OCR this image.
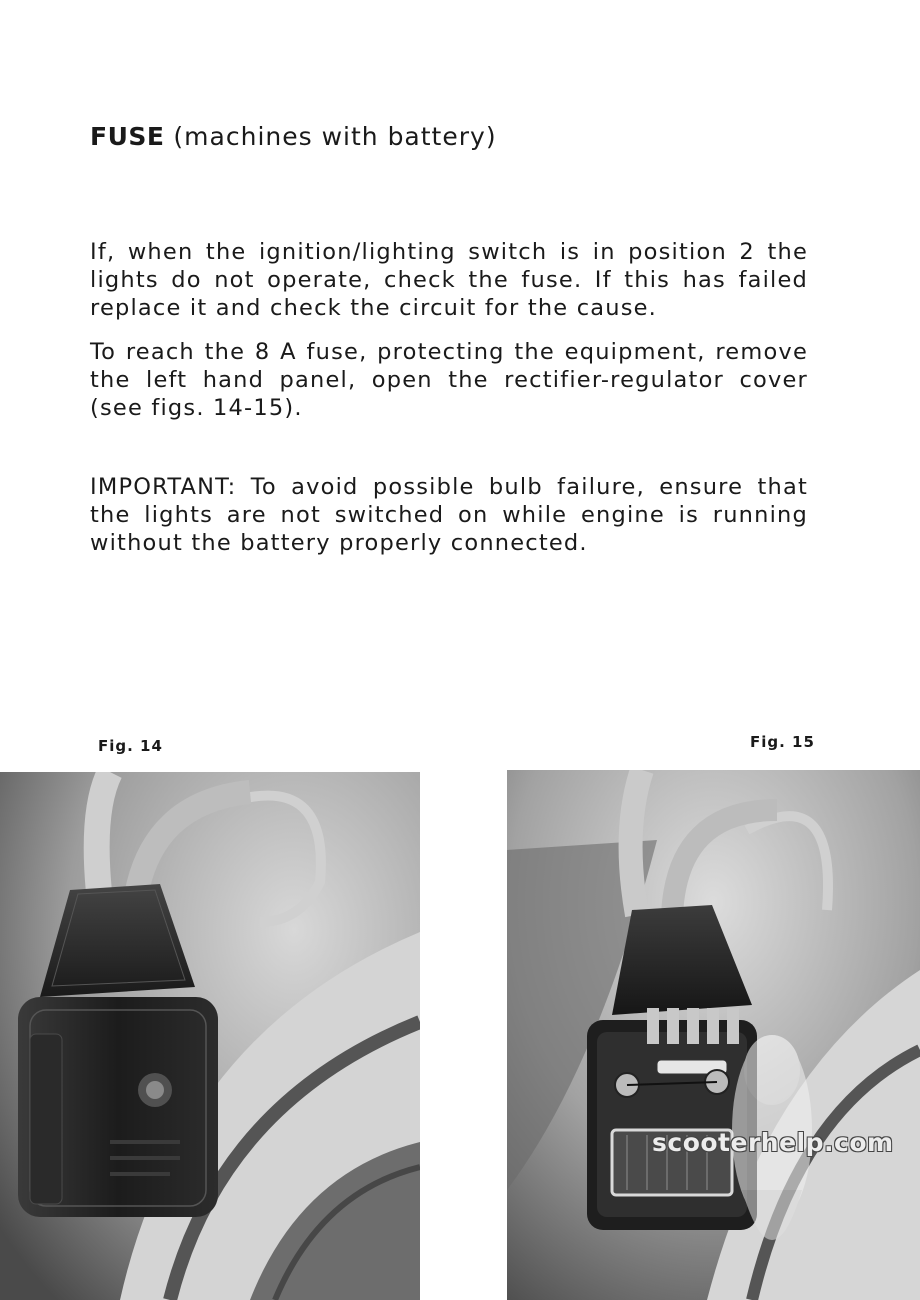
FUSE (machines with battery)

If, when the ignition/lighting switch is in position 2 the lights do not operate, check the fuse. If this has failed replace it and check the circuit for the cause.

To reach the 8 A fuse, protecting the equipment, remove the left hand panel, open the rectifier-regulator cover (see figs. 14-15).

IMPORTANT: To avoid possible bulb failure, ensure that the lights are not switched on while engine is running without the battery properly connected.

Fig. 14	Fig. 15
scooterhelp.com
